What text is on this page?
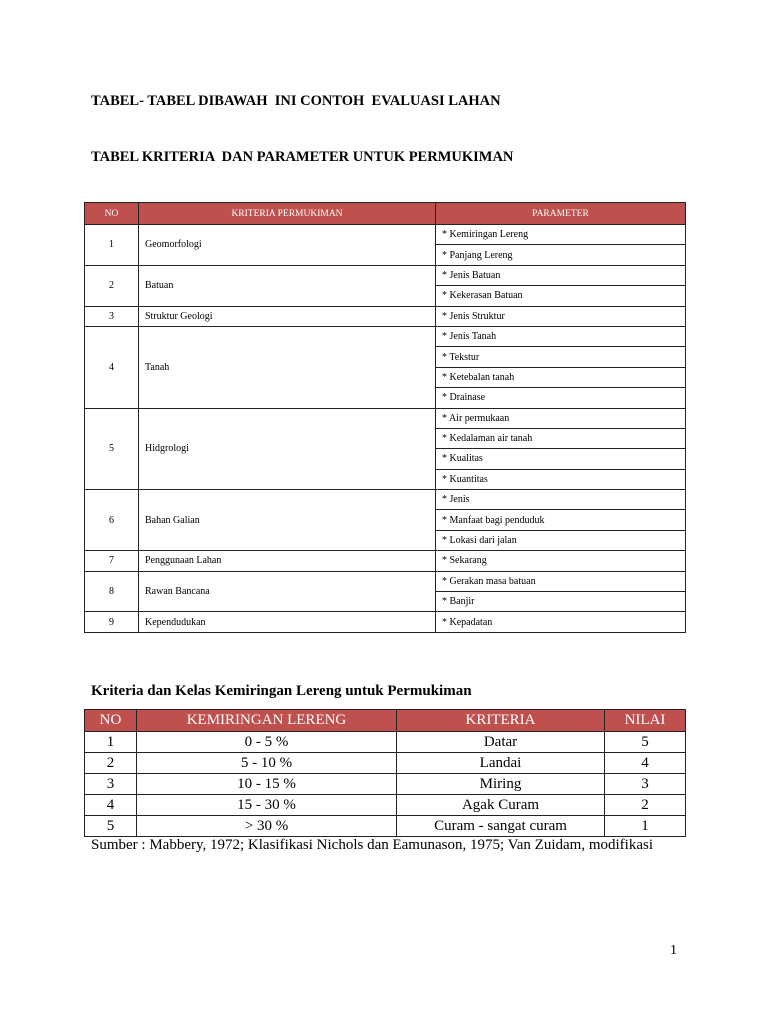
TABEL- TABEL DIBAWAH  INI CONTOH  EVALUASI LAHAN
TABEL KRITERIA  DAN PARAMETER UNTUK PERMUKIMAN
NO	KRITERIA PERMUKIMAN	PARAMETER
1	Geomorfologi	* Kemiringan Lereng
		* Panjang Lereng
2	Batuan	* Jenis Batuan
		* Kekerasan Batuan
3	Struktur Geologi	* Jenis Struktur
4	Tanah	* Jenis Tanah
		* Tekstur
		* Ketebalan tanah
		* Drainase
5	Hidgrologi	* Air permukaan
		* Kedalaman air tanah
		* Kualitas
		* Kuantitas
6	Bahan Galian	* Jenis
		* Manfaat bagi penduduk
		* Lokasi dari jalan
7	Penggunaan Lahan	* Sekarang
8	Rawan Bancana	* Gerakan masa batuan
		* Banjir
9	Kependudukan	* Kepadatan
Kriteria dan Kelas Kemiringan Lereng untuk Permukiman
NO	KEMIRINGAN LERENG	KRITERIA	NILAI
1	0 - 5 %	Datar	5
2	5 - 10 %	Landai	4
3	10 - 15 %	Miring	3
4	15 - 30 %	Agak Curam	2
5	> 30 %	Curam - sangat curam	1
Sumber : Mabbery, 1972; Klasifikasi Nichols dan Eamunason, 1975; Van Zuidam, modifikasi
1
